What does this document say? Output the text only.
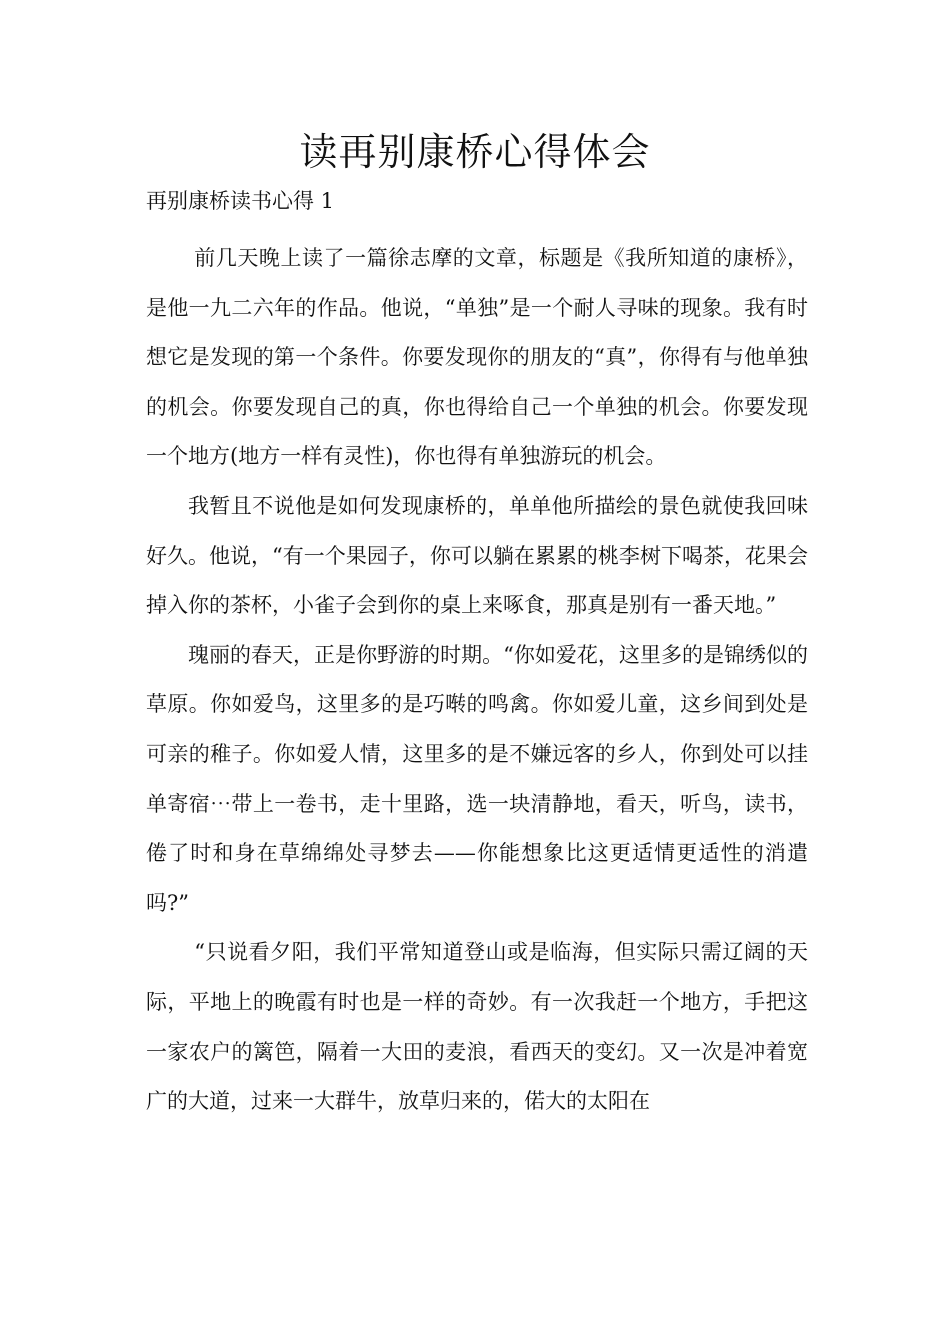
读再别康桥心得体会

再别康桥读书心得 1

前几天晚上读了一篇徐志摩的文章，标题是《我所知道的康桥》，是他一九二六年的作品。他说，“单独”是一个耐人寻味的现象。我有时想它是发现的第一个条件。你要发现你的朋友的“真”，你得有与他单独的机会。你要发现自己的真，你也得给自己一个单独的机会。你要发现一个地方(地方一样有灵性)，你也得有单独游玩的机会。

我暂且不说他是如何发现康桥的，单单他所描绘的景色就使我回味好久。他说，“有一个果园子，你可以躺在累累的桃李树下喝茶，花果会掉入你的茶杯，小雀子会到你的桌上来啄食，那真是别有一番天地。”

瑰丽的春天，正是你野游的时期。“你如爱花，这里多的是锦绣似的草原。你如爱鸟，这里多的是巧啭的鸣禽。你如爱儿童，这乡间到处是可亲的稚子。你如爱人情，这里多的是不嫌远客的乡人，你到处可以挂单寄宿⋯带上一卷书，走十里路，选一块清静地，看天，听鸟，读书，倦了时和身在草绵绵处寻梦去——你能想象比这更适情更适性的消遣吗?”

“只说看夕阳，我们平常知道登山或是临海，但实际只需辽阔的天际，平地上的晚霞有时也是一样的奇妙。有一次我赶一个地方，手把这一家农户的篱笆，隔着一大田的麦浪，看西天的变幻。又一次是冲着宽广的大道，过来一大群牛，放草归来的，偌大的太阳在
